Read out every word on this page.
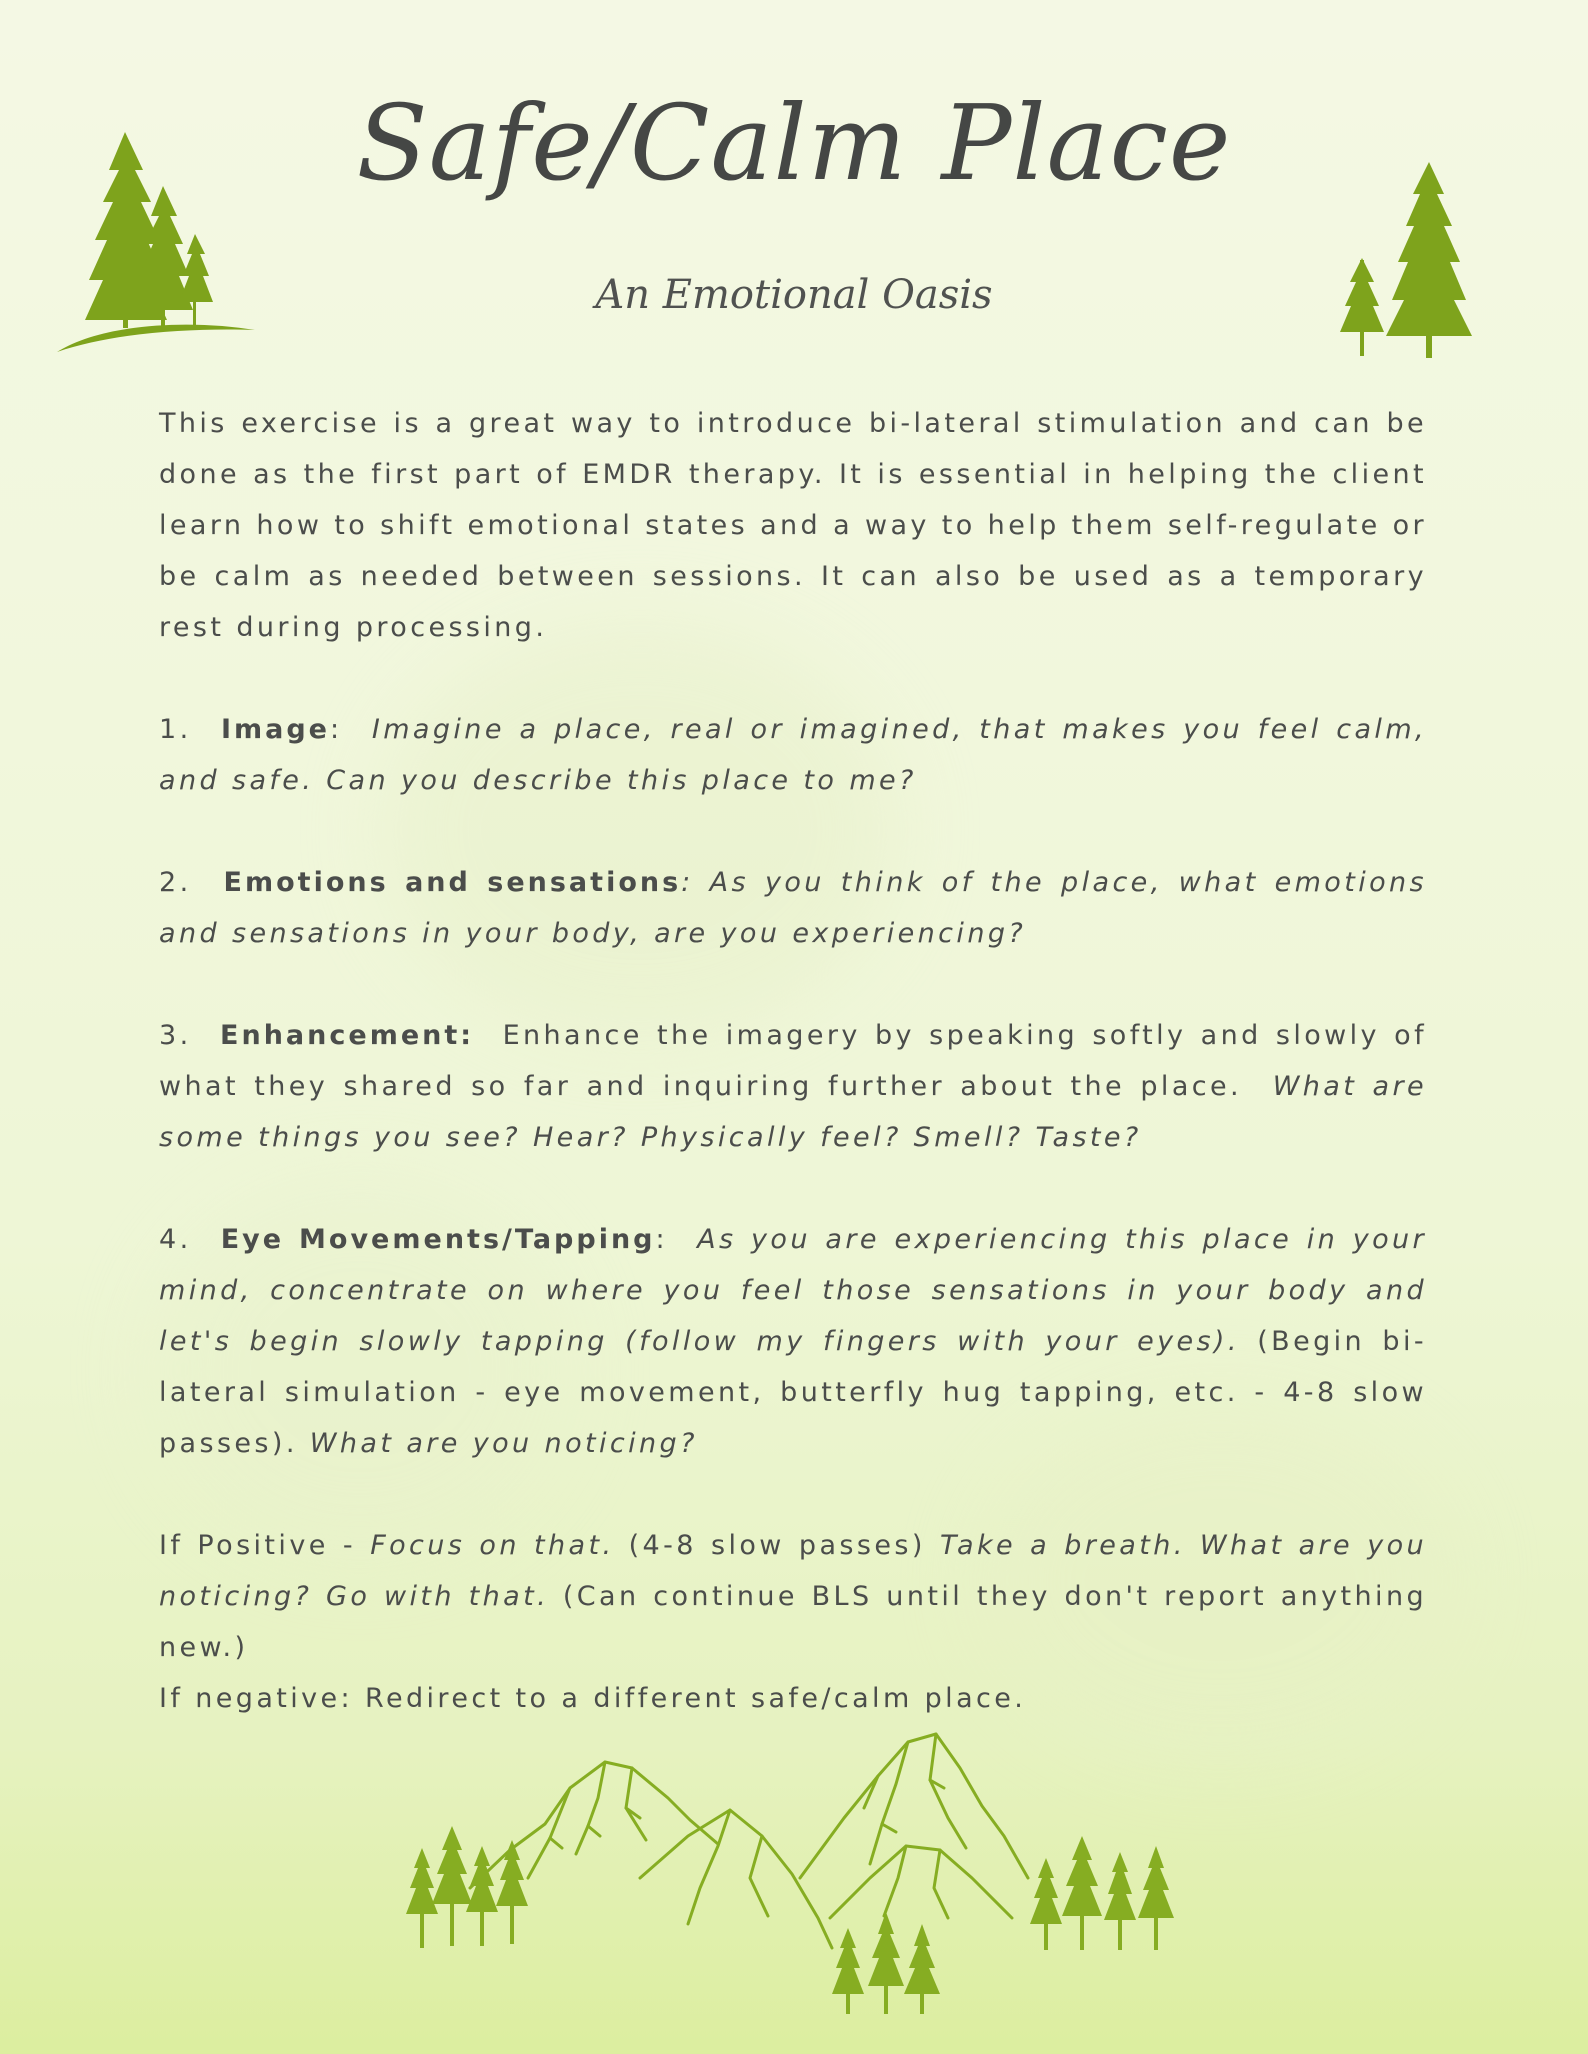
Safe/Calm Place
An Emotional Oasis

This exercise is a great way to introduce bi-lateral stimulation and can be done as the first part of EMDR therapy. It is essential in helping the client learn how to shift emotional states and a way to help them self-regulate or be calm as needed between sessions. It can also be used as a temporary rest during processing.

1. Image: Imagine a place, real or imagined, that makes you feel calm, and safe. Can you describe this place to me?

2. Emotions and sensations: As you think of the place, what emotions and sensations in your body, are you experiencing?

3. Enhancement: Enhance the imagery by speaking softly and slowly of what they shared so far and inquiring further about the place. What are some things you see? Hear? Physically feel? Smell? Taste?

4. Eye Movements/Tapping: As you are experiencing this place in your mind, concentrate on where you feel those sensations in your body and let's begin slowly tapping (follow my fingers with your eyes). (Begin bi-lateral simulation - eye movement, butterfly hug tapping, etc. - 4-8 slow passes). What are you noticing?

If Positive - Focus on that. (4-8 slow passes) Take a breath. What are you noticing? Go with that. (Can continue BLS until they don't report anything new.)

If negative: Redirect to a different safe/calm place.
